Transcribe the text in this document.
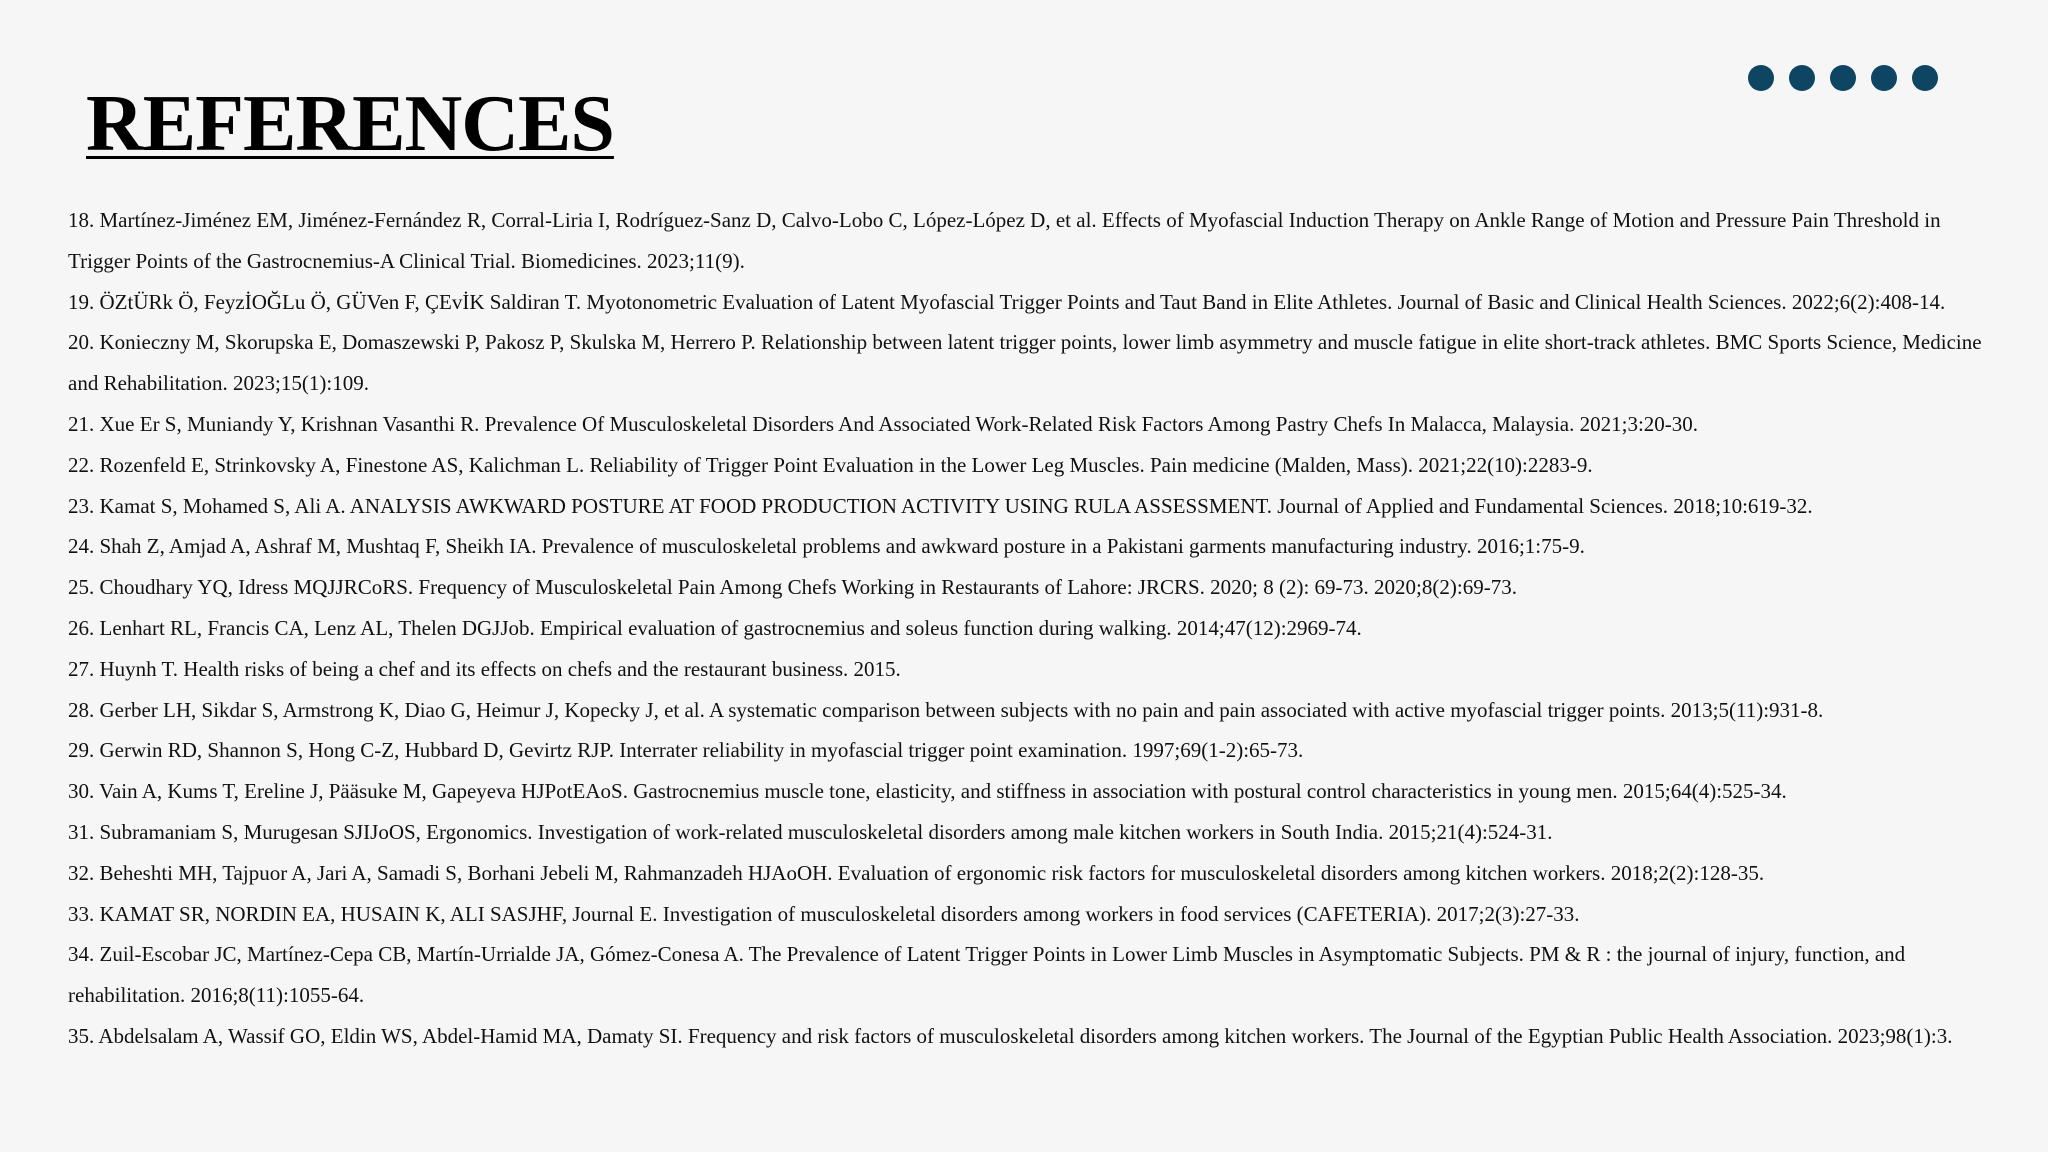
REFERENCES
18. Martínez-Jiménez EM, Jiménez-Fernández R, Corral-Liria I, Rodríguez-Sanz D, Calvo-Lobo C, López-López D, et al. Effects of Myofascial Induction Therapy on Ankle Range of Motion and Pressure Pain Threshold in Trigger Points of the Gastrocnemius-A Clinical Trial. Biomedicines. 2023;11(9).
19. ÖZtÜRk Ö, FeyzİOĞLu Ö, GÜVen F, ÇEvİK Saldiran T. Myotonometric Evaluation of Latent Myofascial Trigger Points and Taut Band in Elite Athletes. Journal of Basic and Clinical Health Sciences. 2022;6(2):408-14.
20. Konieczny M, Skorupska E, Domaszewski P, Pakosz P, Skulska M, Herrero P. Relationship between latent trigger points, lower limb asymmetry and muscle fatigue in elite short-track athletes. BMC Sports Science, Medicine and Rehabilitation. 2023;15(1):109.
21. Xue Er S, Muniandy Y, Krishnan Vasanthi R. Prevalence Of Musculoskeletal Disorders And Associated Work-Related Risk Factors Among Pastry Chefs In Malacca, Malaysia. 2021;3:20-30.
22. Rozenfeld E, Strinkovsky A, Finestone AS, Kalichman L. Reliability of Trigger Point Evaluation in the Lower Leg Muscles. Pain medicine (Malden, Mass). 2021;22(10):2283-9.
23. Kamat S, Mohamed S, Ali A. ANALYSIS AWKWARD POSTURE AT FOOD PRODUCTION ACTIVITY USING RULA ASSESSMENT. Journal of Applied and Fundamental Sciences. 2018;10:619-32.
24. Shah Z, Amjad A, Ashraf M, Mushtaq F, Sheikh IA. Prevalence of musculoskeletal problems and awkward posture in a Pakistani garments manufacturing industry. 2016;1:75-9.
25. Choudhary YQ, Idress MQJJRCoRS. Frequency of Musculoskeletal Pain Among Chefs Working in Restaurants of Lahore: JRCRS. 2020; 8 (2): 69-73. 2020;8(2):69-73.
26. Lenhart RL, Francis CA, Lenz AL, Thelen DGJJob. Empirical evaluation of gastrocnemius and soleus function during walking. 2014;47(12):2969-74.
27. Huynh T. Health risks of being a chef and its effects on chefs and the restaurant business. 2015.
28. Gerber LH, Sikdar S, Armstrong K, Diao G, Heimur J, Kopecky J, et al. A systematic comparison between subjects with no pain and pain associated with active myofascial trigger points. 2013;5(11):931-8.
29. Gerwin RD, Shannon S, Hong C-Z, Hubbard D, Gevirtz RJP. Interrater reliability in myofascial trigger point examination. 1997;69(1-2):65-73.
30. Vain A, Kums T, Ereline J, Pääsuke M, Gapeyeva HJPotEAoS. Gastrocnemius muscle tone, elasticity, and stiffness in association with postural control characteristics in young men. 2015;64(4):525-34.
31. Subramaniam S, Murugesan SJIJoOS, Ergonomics. Investigation of work-related musculoskeletal disorders among male kitchen workers in South India. 2015;21(4):524-31.
32. Beheshti MH, Tajpuor A, Jari A, Samadi S, Borhani Jebeli M, Rahmanzadeh HJAoOH. Evaluation of ergonomic risk factors for musculoskeletal disorders among kitchen workers. 2018;2(2):128-35.
33. KAMAT SR, NORDIN EA, HUSAIN K, ALI SASJHF, Journal E. Investigation of musculoskeletal disorders among workers in food services (CAFETERIA). 2017;2(3):27-33.
34. Zuil-Escobar JC, Martínez-Cepa CB, Martín-Urrialde JA, Gómez-Conesa A. The Prevalence of Latent Trigger Points in Lower Limb Muscles in Asymptomatic Subjects. PM & R : the journal of injury, function, and rehabilitation. 2016;8(11):1055-64.
35. Abdelsalam A, Wassif GO, Eldin WS, Abdel-Hamid MA, Damaty SI. Frequency and risk factors of musculoskeletal disorders among kitchen workers. The Journal of the Egyptian Public Health Association. 2023;98(1):3.
